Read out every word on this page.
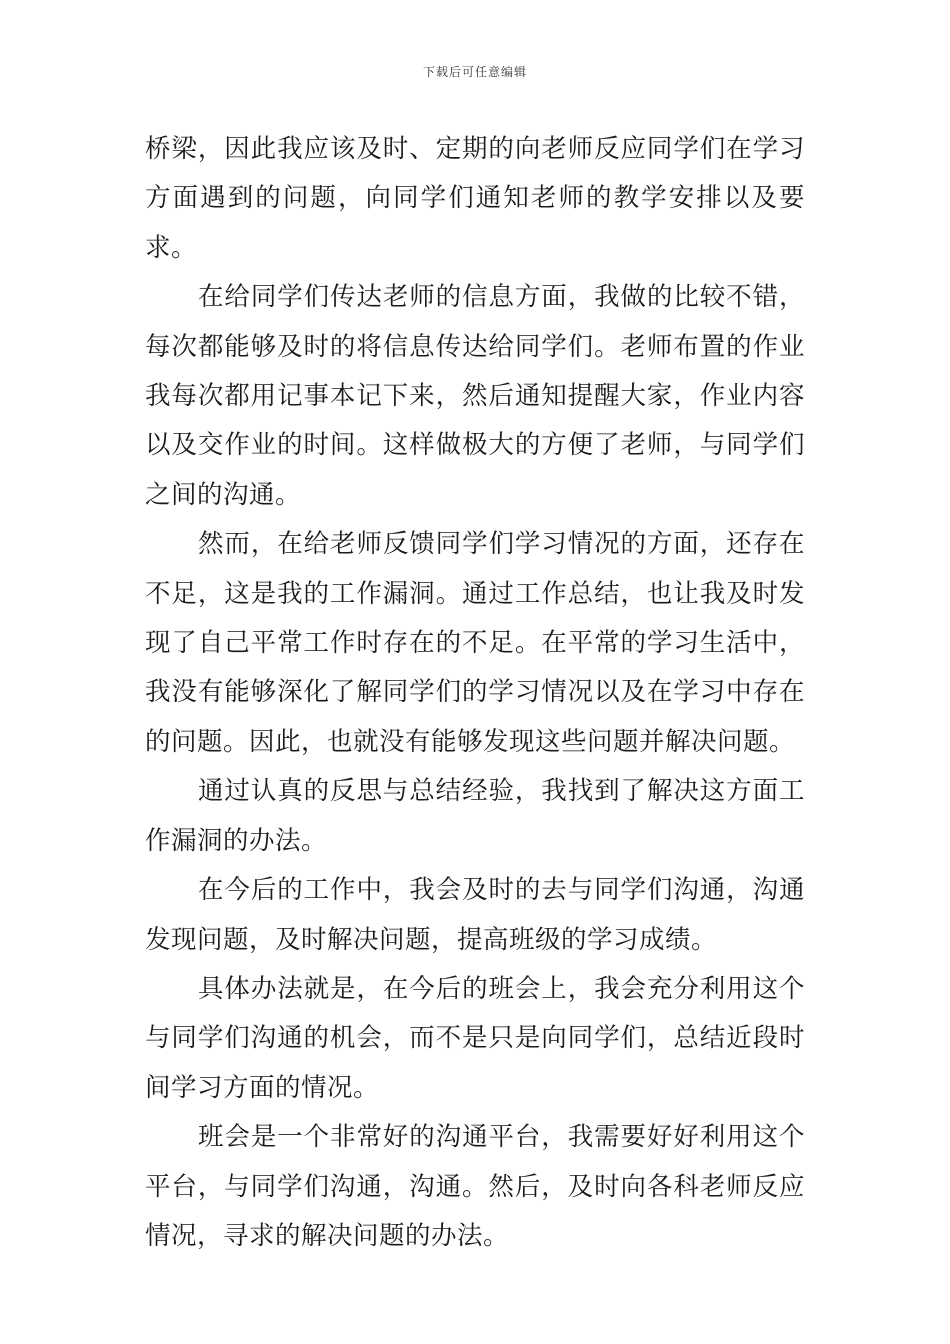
下载后可任意编辑

桥梁，因此我应该及时、定期的向老师反应同学们在学习方面遇到的问题，向同学们通知老师的教学安排以及要求。

在给同学们传达老师的信息方面，我做的比较不错，每次都能够及时的将信息传达给同学们。老师布置的作业我每次都用记事本记下来，然后通知提醒大家，作业内容以及交作业的时间。这样做极大的方便了老师，与同学们之间的沟通。

然而，在给老师反馈同学们学习情况的方面，还存在不足，这是我的工作漏洞。通过工作总结，也让我及时发现了自己平常工作时存在的不足。在平常的学习生活中，我没有能够深化了解同学们的学习情况以及在学习中存在的问题。因此，也就没有能够发现这些问题并解决问题。

通过认真的反思与总结经验，我找到了解决这方面工作漏洞的办法。

在今后的工作中，我会及时的去与同学们沟通，沟通发现问题，及时解决问题，提高班级的学习成绩。

具体办法就是，在今后的班会上，我会充分利用这个与同学们沟通的机会，而不是只是向同学们，总结近段时间学习方面的情况。

班会是一个非常好的沟通平台，我需要好好利用这个平台，与同学们沟通，沟通。然后，及时向各科老师反应情况，寻求的解决问题的办法。
